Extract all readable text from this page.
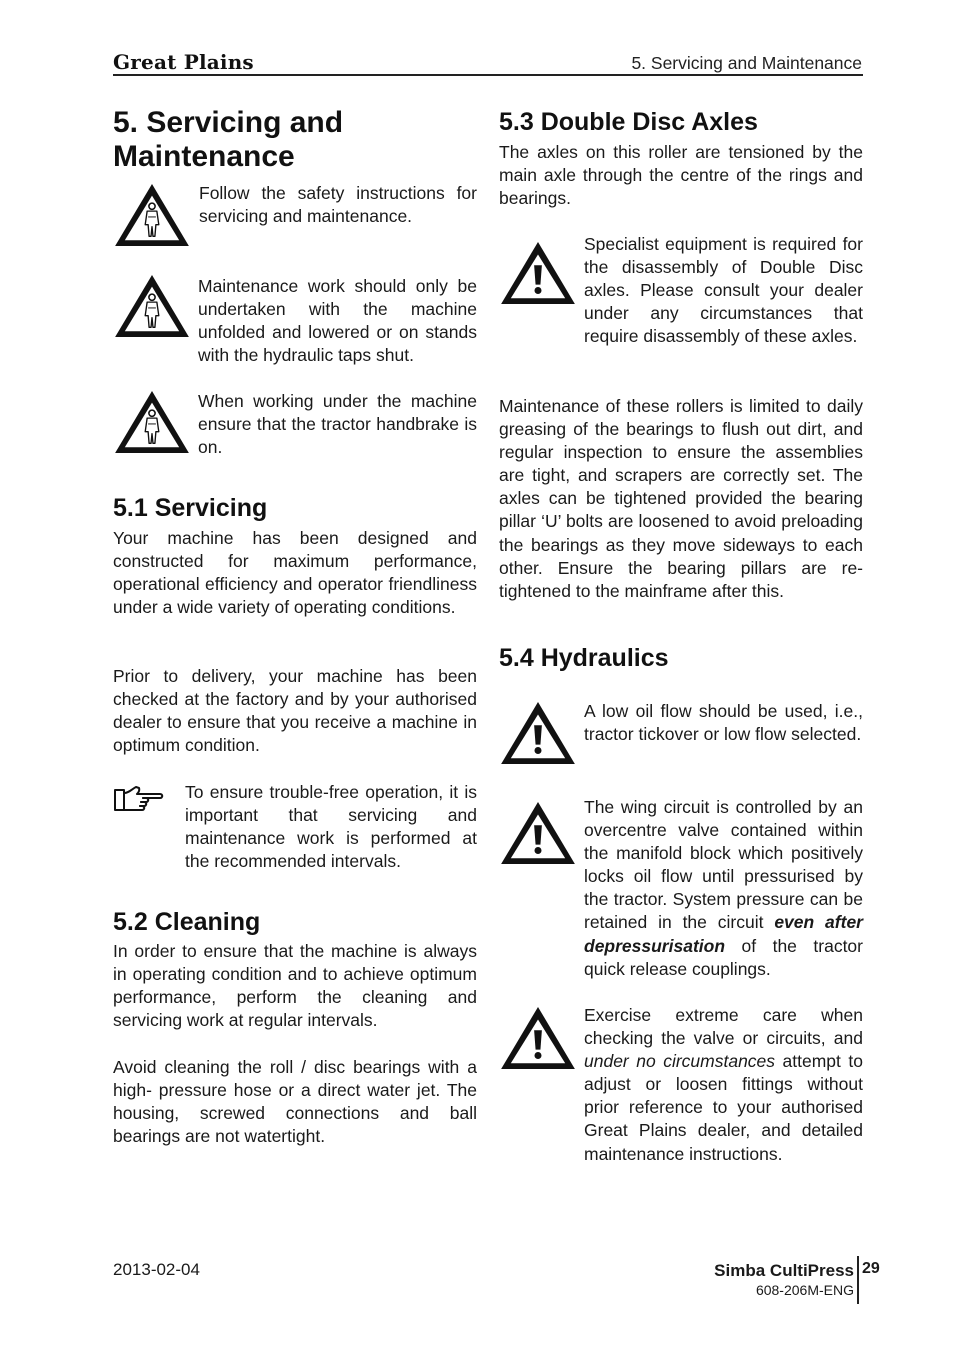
Great Plains	5. Servicing and Maintenance
5. Servicing and Maintenance

Follow the safety instructions for servicing and maintenance.

Maintenance work should only be undertaken with the machine unfolded and lowered or on stands with the hydraulic taps shut.

When working under the machine ensure that the tractor handbrake is on.

5.1 Servicing

Your machine has been designed and constructed for maximum performance, operational efficiency and operator friendliness under a wide variety of operating conditions.

Prior to delivery, your machine has been checked at the factory and by your authorised dealer to ensure that you receive a machine in optimum condition.

To ensure trouble-free operation, it is important that servicing and maintenance work is performed at the recommended intervals.

5.2 Cleaning

In order to ensure that the machine is always in operating condition and to achieve optimum performance, perform the cleaning and servicing work at regular intervals.

Avoid cleaning the roll / disc bearings with a high- pressure hose or a direct water jet. The housing, screwed connections and ball bearings are not watertight.

5.3 Double Disc Axles

The axles on this roller are tensioned by the main axle through the centre of the rings and bearings.

Specialist equipment is required for the disassembly of Double Disc axles. Please consult your dealer under any circumstances that require disassembly of these axles.

Maintenance of these rollers is limited to daily greasing of the bearings to flush out dirt, and regular inspection to ensure the assemblies are tight, and scrapers are correctly set. The axles can be tightened provided the bearing pillar ‘U’ bolts are loosened to avoid preloading the bearings as they move sideways to each other. Ensure the bearing pillars are re- tightened to the mainframe after this.

5.4 Hydraulics

A low oil flow should be used, i.e., tractor tickover or low flow selected.

The wing circuit is controlled by an overcentre valve contained within the manifold block which positively locks oil flow until pressurised by the tractor. System pressure can be retained in the circuit even after depressurisation of the tractor quick release couplings.

Exercise extreme care when checking the valve or circuits, and under no circumstances attempt to adjust or loosen fittings without prior reference to your authorised Great Plains dealer, and detailed maintenance instructions.

2013-02-04	Simba CultiPress
608-206M-ENG
29
